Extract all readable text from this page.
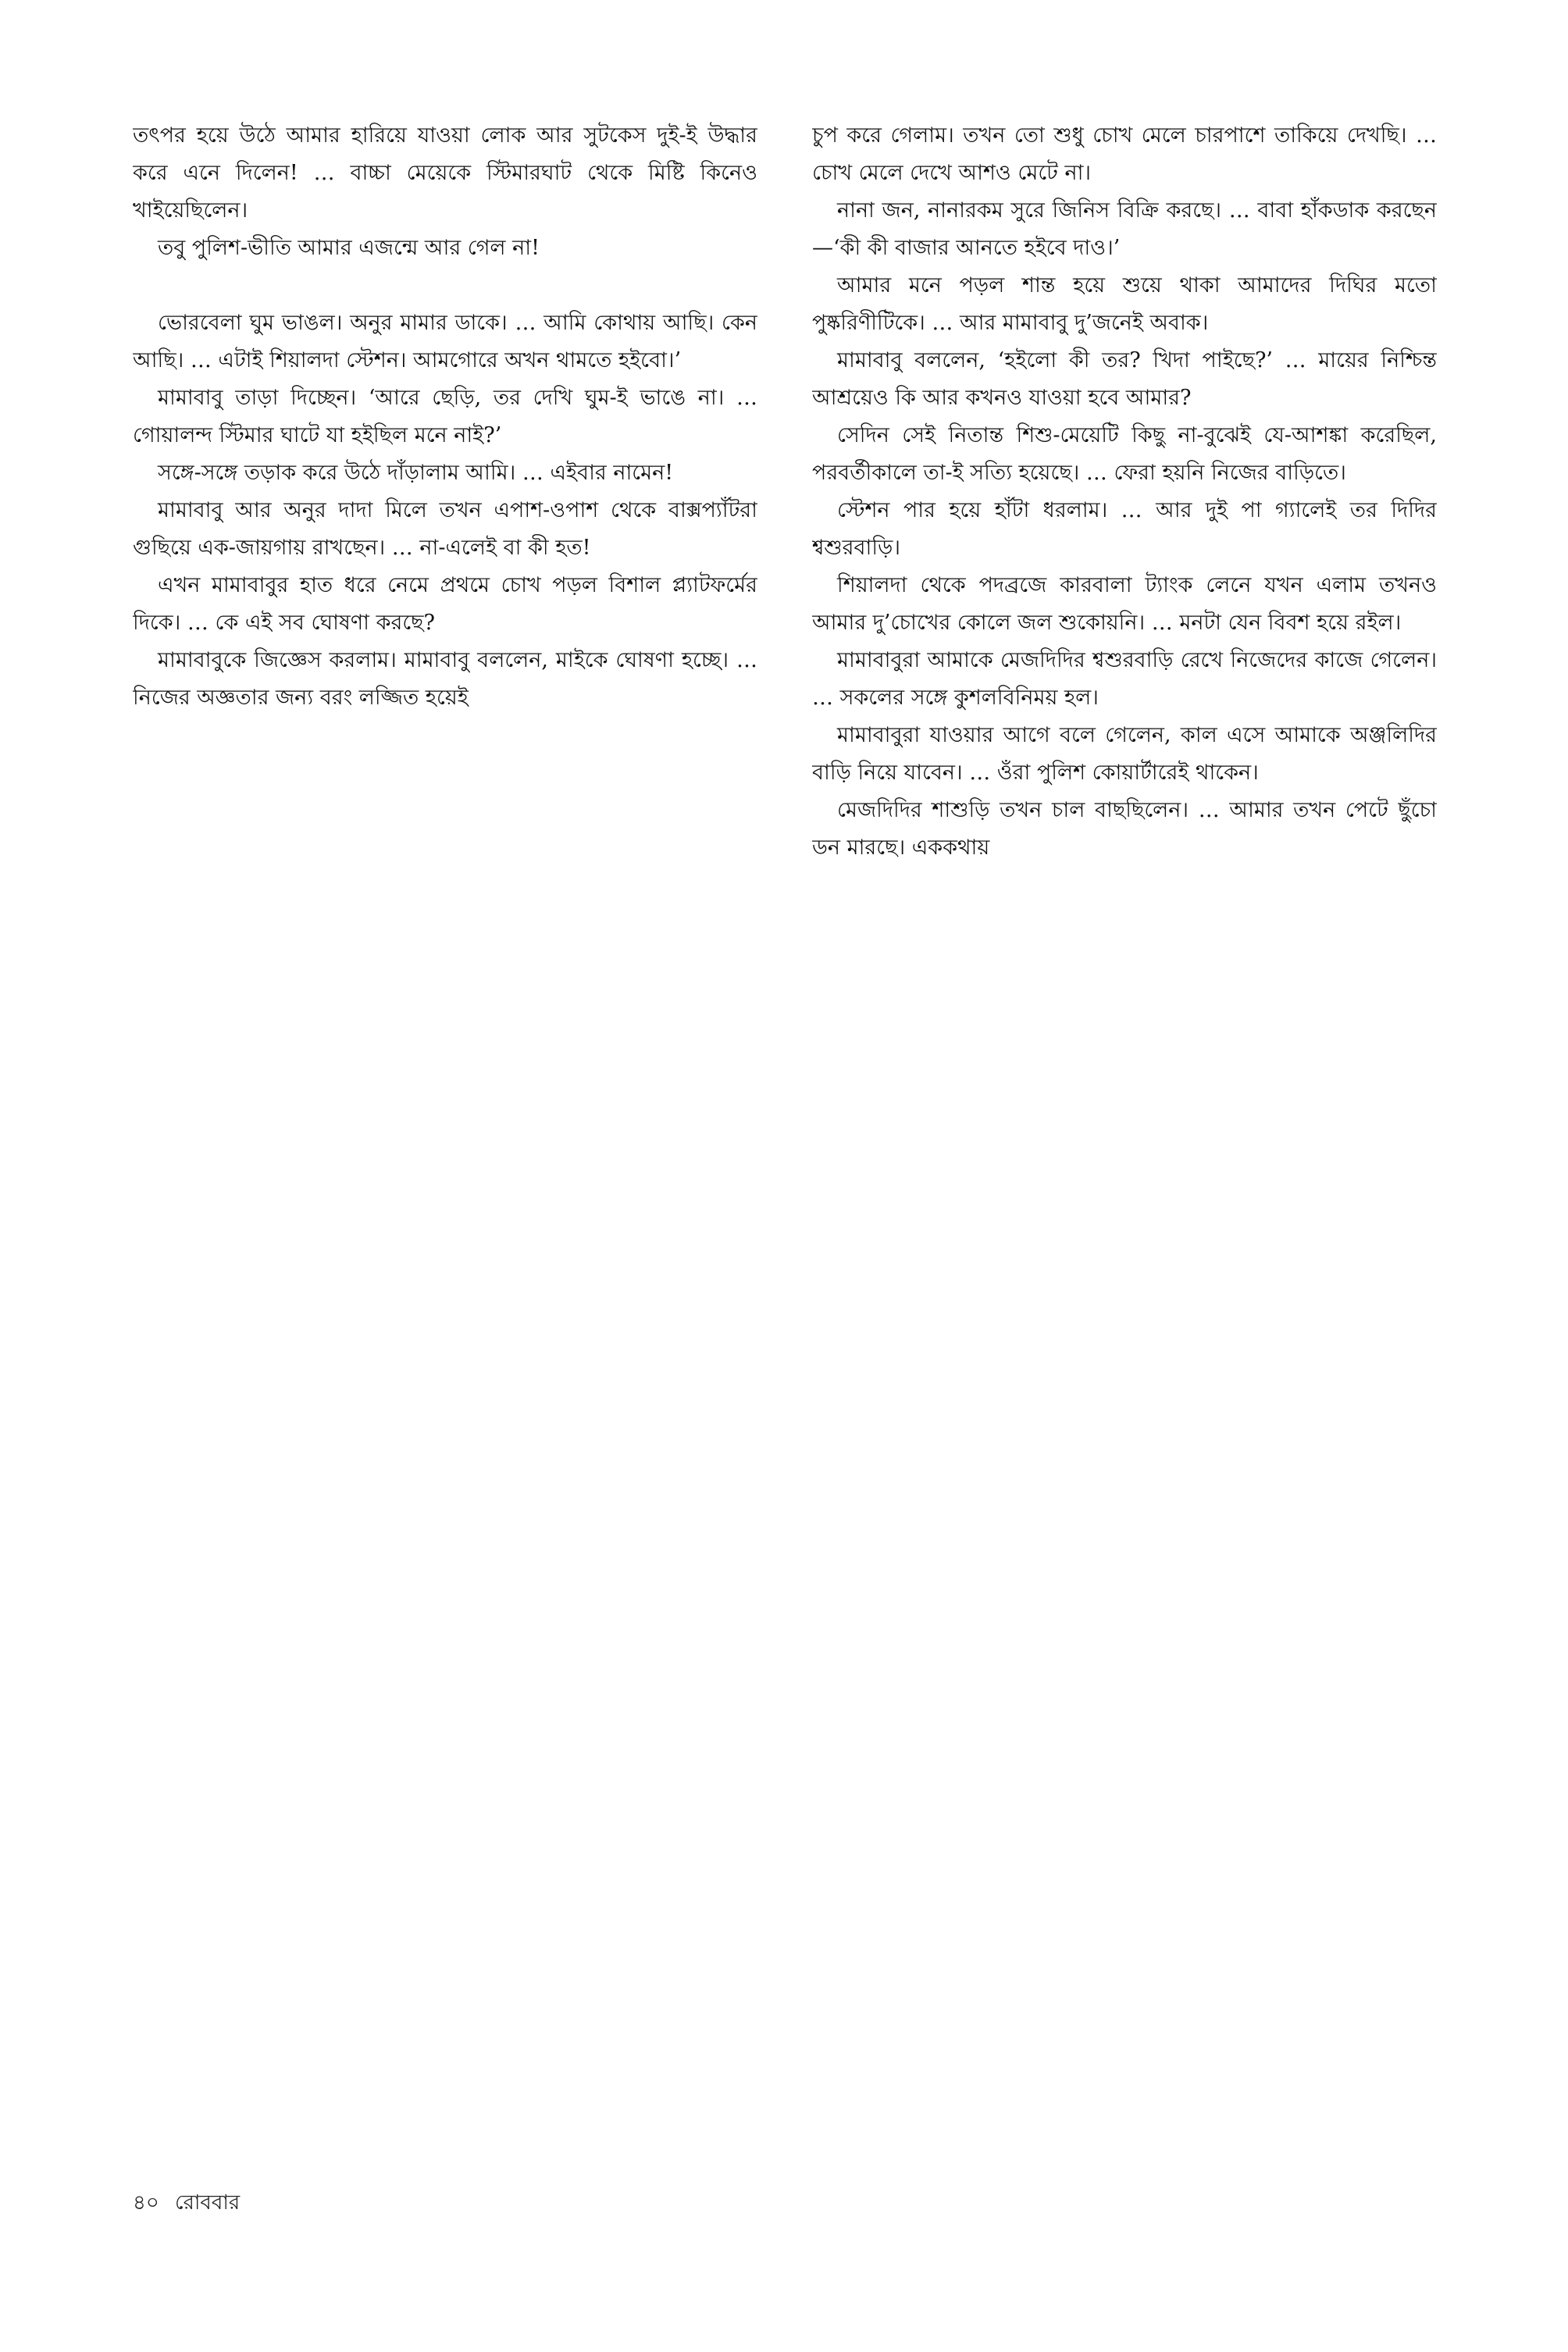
তৎপর হয়ে উঠে আমার হারিয়ে যাওয়া লোক আর সুটকেস দুই-ই উদ্ধার করে এনে দিলেন! … বাচ্চা মেয়েকে স্টিমারঘাট থেকে মিষ্টি কিনেও খাইয়েছিলেন।

তবু পুলিশ-ভীতি আমার এজন্মে আর গেল না!

ভোরবেলা ঘুম ভাঙল। অনুর মামার ডাকে। … আমি কোথায় আছি। কেন আছি। … এটাই শিয়ালদা স্টেশন। আমগোরে অখন থামতে হইবো।’

মামাবাবু তাড়া দিচ্ছেন। ‘আরে ছেড়ি, তর দেখি ঘুম-ই ভাঙে না। … গোয়ালন্দ স্টিমার ঘাটে যা হইছিল মনে নাই?’

সঙ্গে-সঙ্গে তড়াক করে উঠে দাঁড়ালাম আমি। … এইবার নামেন!

মামাবাবু আর অনুর দাদা মিলে তখন এপাশ-ওপাশ থেকে বাক্সপ্যাঁটরা গুছিয়ে এক-জায়গায় রাখছেন। … না-এলেই বা কী হত!

এখন মামাবাবুর হাত ধরে নেমে প্রথমে চোখ পড়ল বিশাল প্ল্যাটফর্মের দিকে। … কে এই সব ঘোষণা করছে?

মামাবাবুকে জিজ্ঞেস করলাম। মামাবাবু বললেন, মাইকে ঘোষণা হচ্ছে। … নিজের অজ্ঞতার জন্য বরং লজ্জিত হয়েই

চুপ করে গেলাম। তখন তো শুধু চোখ মেলে চারপাশে তাকিয়ে দেখছি। … চোখ মেলে দেখে আশও মেটে না।

নানা জন, নানারকম সুরে জিনিস বিক্রি করছে। … বাবা হাঁকডাক করছেন—‘কী কী বাজার আনতে হইবে দাও।’

আমার মনে পড়ল শান্ত হয়ে শুয়ে থাকা আমাদের দিঘির মতো পুষ্করিণীটিকে। … আর মামাবাবু দু’জনেই অবাক।

মামাবাবু বললেন, ‘হইলো কী তর? খিদা পাইছে?’ … মায়ের নিশ্চিন্ত আশ্রয়েও কি আর কখনও যাওয়া হবে আমার?

সেদিন সেই নিতান্ত শিশু-মেয়েটি কিছু না-বুঝেই যে-আশঙ্কা করেছিল, পরবর্তীকালে তা-ই সত্যি হয়েছে। … ফেরা হয়নি নিজের বাড়িতে।

স্টেশন পার হয়ে হাঁটা ধরলাম। … আর দুই পা গ্যালেই তর দিদির শ্বশুরবাড়ি।

শিয়ালদা থেকে পদব্রজে কারবালা ট্যাংক লেনে যখন এলাম তখনও আমার দু’চোখের কোলে জল শুকোয়নি। … মনটা যেন বিবশ হয়ে রইল।

মামাবাবুরা আমাকে মেজদিদির শ্বশুরবাড়ি রেখে নিজেদের কাজে গেলেন। … সকলের সঙ্গে কুশলবিনিময় হল।

মামাবাবুরা যাওয়ার আগে বলে গেলেন, কাল এসে আমাকে অঞ্জলিদির বাড়ি নিয়ে যাবেন। … ওঁরা পুলিশ কোয়ার্টারেই থাকেন।

মেজদিদির শাশুড়ি তখন চাল বাছছিলেন। … আমার তখন পেটে ছুঁচো ডন মারছে। এককথায়

৪০ রোববার
